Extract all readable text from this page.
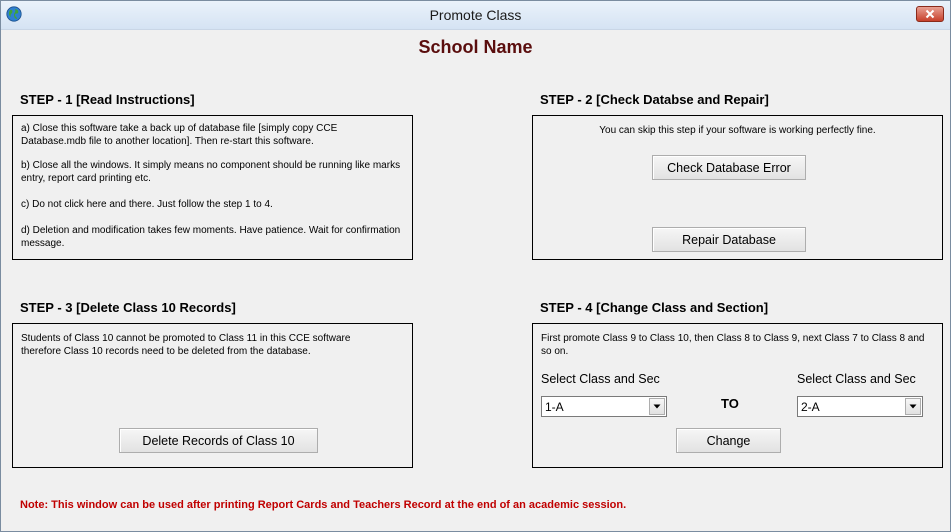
Promote Class
School Name
STEP - 1 [Read Instructions]
a) Close this software take a back up of database file [simply copy CCE Database.mdb file to another location]. Then re-start this software.
b) Close all the windows. It simply means no component should be running like marks entry, report card printing etc.
c) Do not click here and there. Just follow the step 1 to 4.
d) Deletion and modification takes few moments. Have patience. Wait for confirmation message.
STEP - 2 [Check Databse and Repair]
You can skip this step if your software is working perfectly fine.
Check Database Error
Repair Database
STEP - 3 [Delete Class 10 Records]
Students of Class 10 cannot be promoted to Class 11 in this CCE software therefore Class 10 records need to be deleted from the database.
Delete Records of Class 10
STEP - 4 [Change Class and Section]
First promote Class 9 to Class 10, then Class 8 to Class 9, next Class 7 to Class 8 and so on.
Select Class and Sec
1-A	TO
Select Class and Sec
2-A
Change
Note: This window can be used after printing Report Cards and Teachers Record at the end of an academic session.
